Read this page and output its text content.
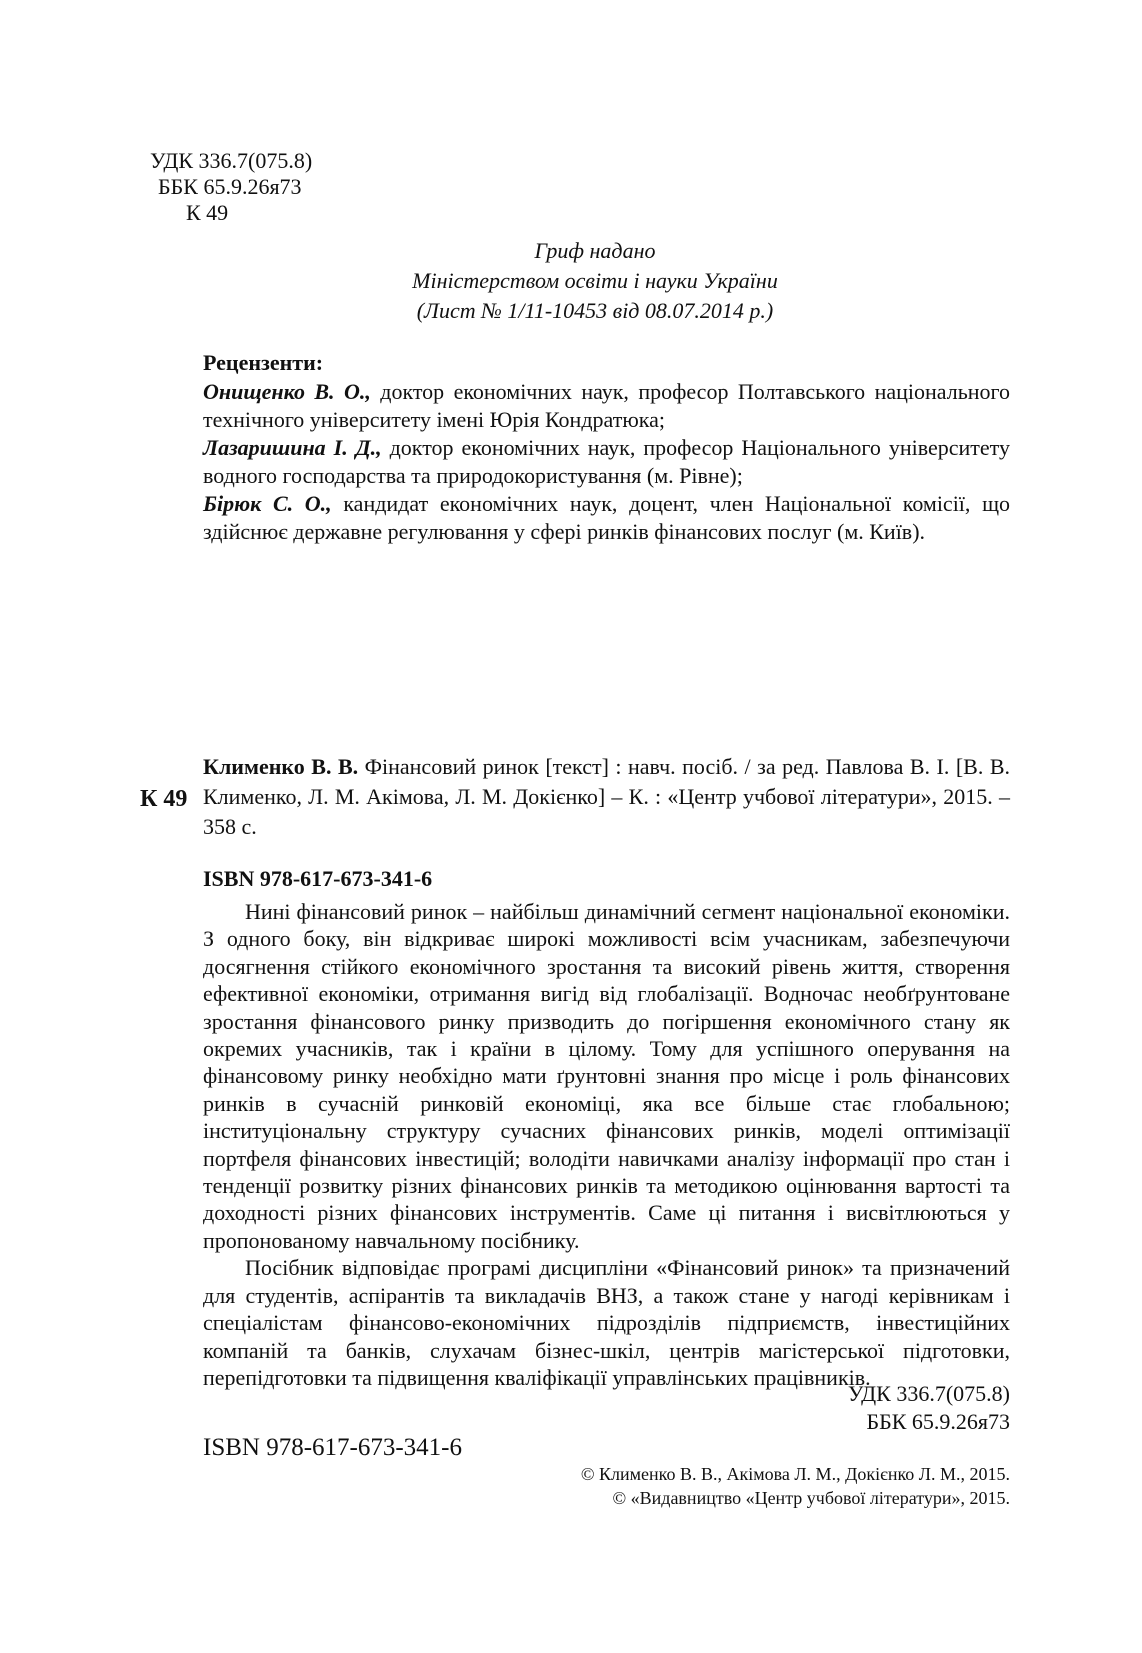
УДК 336.7(075.8)
ББК 65.9.26я73
К 49
Гриф надано
Міністерством освіти і науки України
(Лист № 1/11-10453 від 08.07.2014 р.)
Рецензенти:

Онищенко В. О., доктор економічних наук, професор Полтавського національного технічного університету імені Юрія Кондратюка;

Лазаришина І. Д., доктор економічних наук, професор Національного університету водного господарства та природокористування (м. Рівне);

Бірюк С. О., кандидат економічних наук, доцент, член Національної комісії, що здійснює державне регулювання у сфері ринків фінансових послуг (м. Київ).

К 49
Клименко В. В. Фінансовий ринок [текст] : навч. посіб. / за ред. Павлова В. І. [В. В. Клименко, Л. М. Акімова, Л. М. Докієнко] – К. : «Центр учбової літератури», 2015. – 358 с.
ISBN 978-617-673-341-6

Нині фінансовий ринок – найбільш динамічний сегмент національної економіки. З одного боку, він відкриває широкі можливості всім учасникам, забезпечуючи досягнення стійкого економічного зростання та високий рівень життя, створення ефективної економіки, отримання вигід від глобалізації. Водночас необґрунтоване зростання фінансового ринку призводить до погіршення економічного стану як окремих учасників, так і країни в цілому. Тому для успішного оперування на фінансовому ринку необхідно мати ґрунтовні знання про місце і роль фінансових ринків в сучасній ринковій економіці, яка все більше стає глобальною; інституціональну структуру сучасних фінансових ринків, моделі оптимізації портфеля фінансових інвестицій; володіти навичками аналізу інформації про стан і тенденції розвитку різних фінансових ринків та методикою оцінювання вартості та доходності різних фінансових інструментів. Саме ці питання і висвітлюються у пропонованому навчальному посібнику.

Посібник відповідає програмі дисципліни «Фінансовий ринок» та призначений для студентів, аспірантів та викладачів ВНЗ, а також стане у нагоді керівникам і спеціалістам фінансово-економічних підрозділів підприємств, інвестиційних компаній та банків, слухачам бізнес-шкіл, центрів магістерської підготовки, перепідготовки та підвищення кваліфікації управлінських працівників.

УДК 336.7(075.8)
ББК 65.9.26я73
ISBN 978-617-673-341-6
© Клименко В. В., Акімова Л. М., Докієнко Л. М., 2015.
© «Видавництво «Центр учбової літератури», 2015.
